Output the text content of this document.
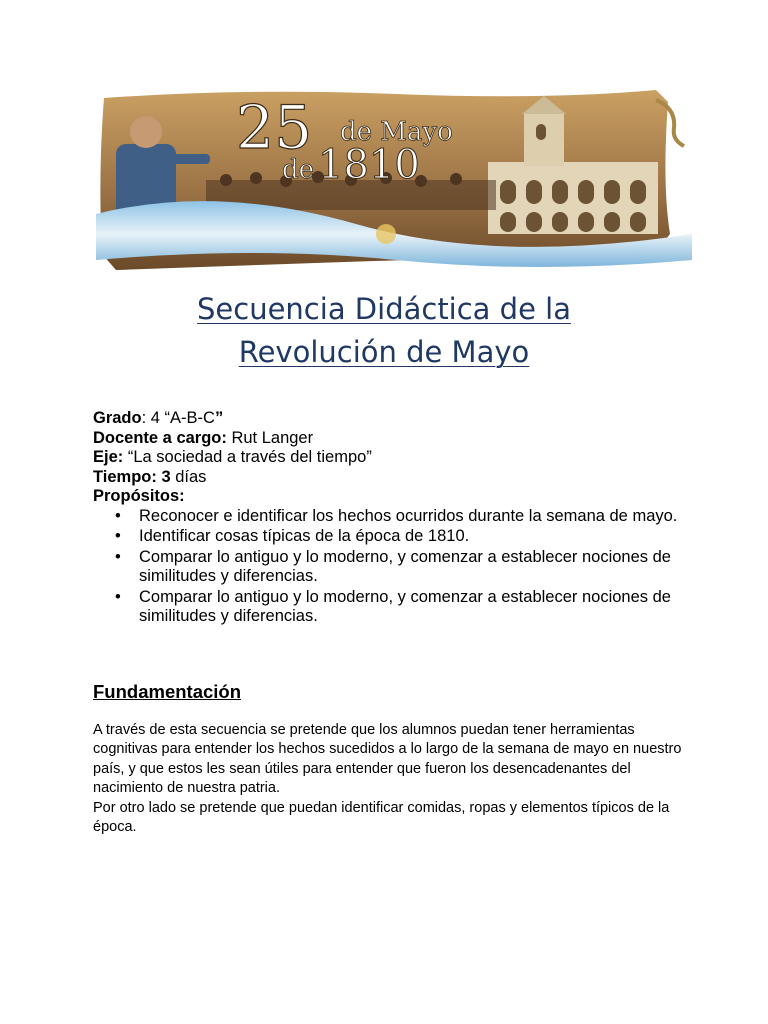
25 de Mayo
de 1810
Secuencia Didáctica de la
Revolución de Mayo
Grado: 4 “A-B-C”
Docente a cargo: Rut Langer
Eje: “La sociedad a través del tiempo”
Tiempo: 3 días
Propósitos:
• Reconocer e identificar los hechos ocurridos durante la semana de mayo.
• Identificar cosas típicas de la época de 1810.
• Comparar lo antiguo y lo moderno, y comenzar a establecer nociones de similitudes y diferencias.
• Comparar lo antiguo y lo moderno, y comenzar a establecer nociones de similitudes y diferencias.
Fundamentación

A través de esta secuencia se pretende que los alumnos puedan tener herramientas cognitivas para entender los hechos sucedidos a lo largo de la semana de mayo en nuestro país, y que estos les sean útiles para entender que fueron los desencadenantes del nacimiento de nuestra patria.

Por otro lado se pretende que puedan identificar comidas, ropas y elementos típicos de la época.
